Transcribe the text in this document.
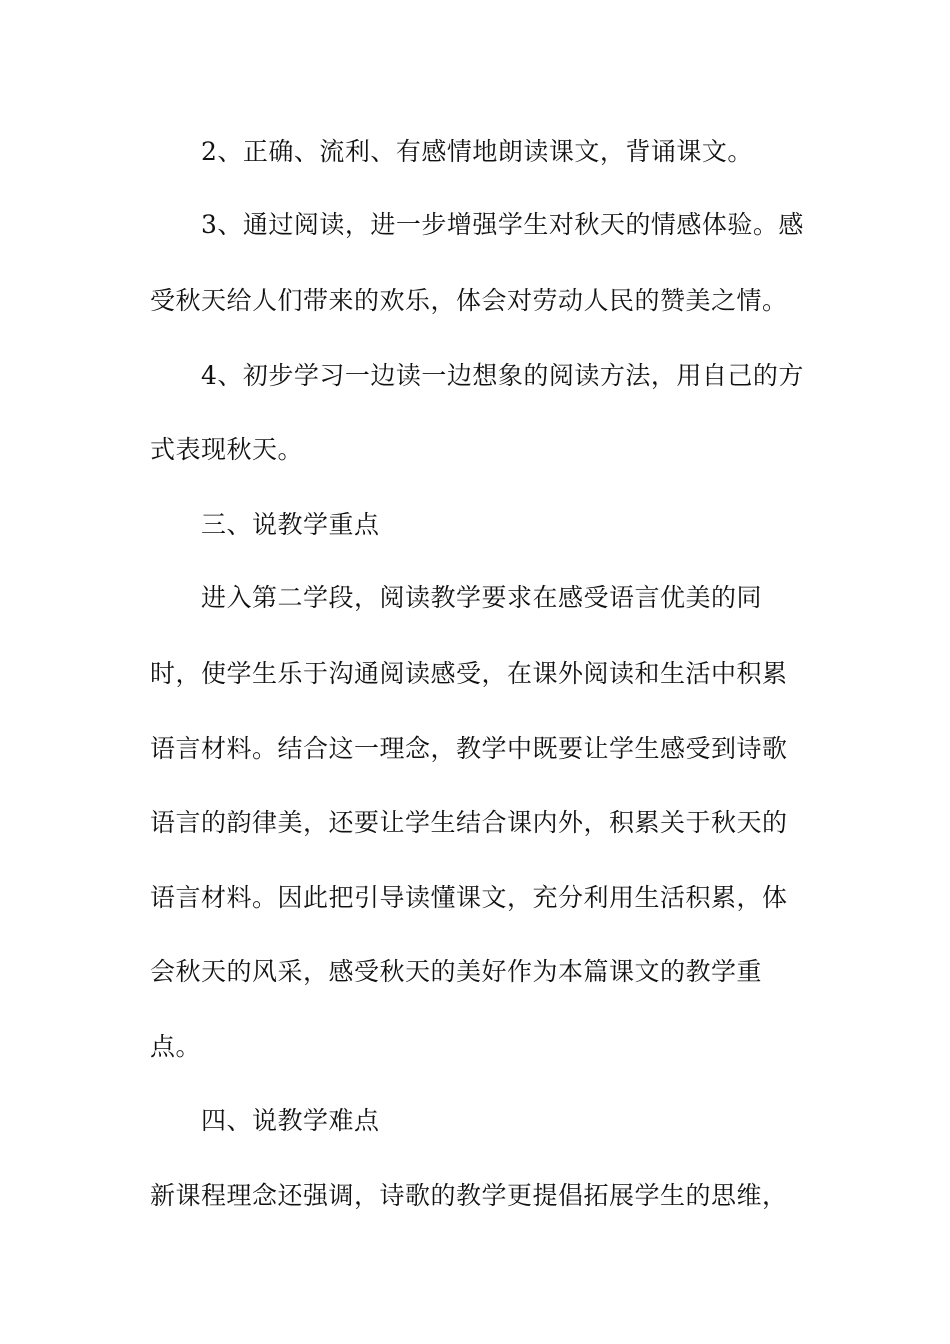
2、正确、流利、有感情地朗读课文，背诵课文。
3、通过阅读，进一步增强学生对秋天的情感体验。感
受秋天给人们带来的欢乐，体会对劳动人民的赞美之情。
4、初步学习一边读一边想象的阅读方法，用自己的方
式表现秋天。
三、说教学重点
进入第二学段，阅读教学要求在感受语言优美的同
时，使学生乐于沟通阅读感受，在课外阅读和生活中积累
语言材料。结合这一理念，教学中既要让学生感受到诗歌
语言的韵律美，还要让学生结合课内外，积累关于秋天的
语言材料。因此把引导读懂课文，充分利用生活积累，体
会秋天的风采，感受秋天的美好作为本篇课文的教学重
点。
四、说教学难点
新课程理念还强调，诗歌的教学更提倡拓展学生的思维，
